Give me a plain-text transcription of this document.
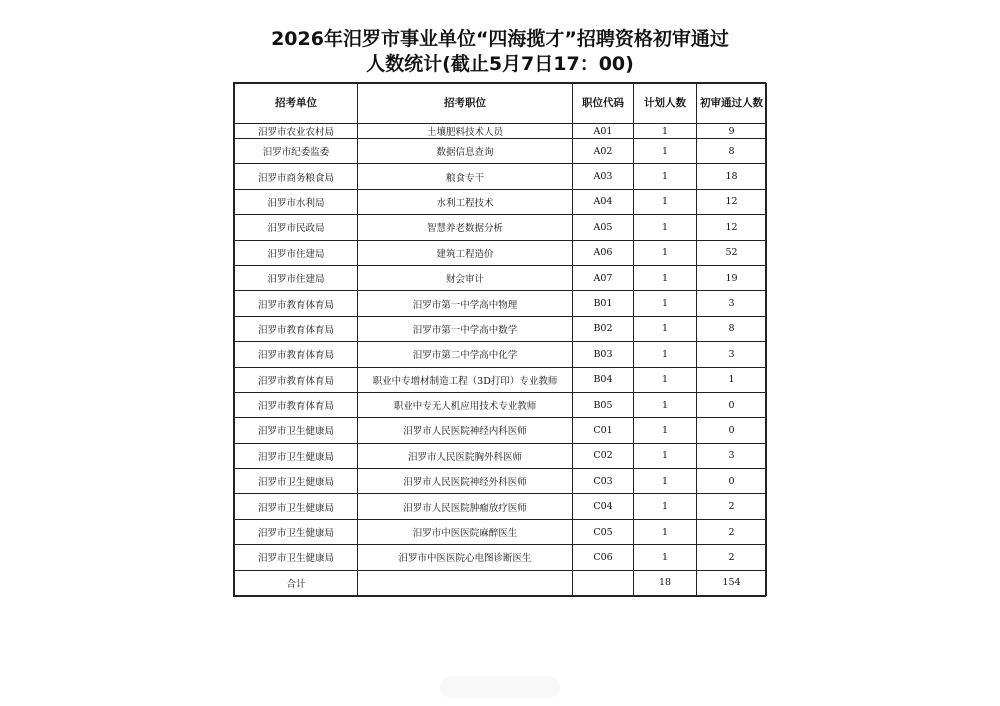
2026年汨罗市事业单位“四海揽才”招聘资格初审通过
人数统计(截止5月7日17：00)
招考单位	招考职位	职位代码	计划人数	初审通过人数
汨罗市农业农村局	土壤肥料技术人员	A01	1	9
汨罗市纪委监委	数据信息查询	A02	1	8
汨罗市商务粮食局	粮食专干	A03	1	18
汨罗市水利局	水利工程技术	A04	1	12
汨罗市民政局	智慧养老数据分析	A05	1	12
汨罗市住建局	建筑工程造价	A06	1	52
汨罗市住建局	财会审计	A07	1	19
汨罗市教育体育局	汨罗市第一中学高中物理	B01	1	3
汨罗市教育体育局	汨罗市第一中学高中数学	B02	1	8
汨罗市教育体育局	汨罗市第二中学高中化学	B03	1	3
汨罗市教育体育局	职业中专增材制造工程（3D打印）专业教师	B04	1	1
汨罗市教育体育局	职业中专无人机应用技术专业教师	B05	1	0
汨罗市卫生健康局	汨罗市人民医院神经内科医师	C01	1	0
汨罗市卫生健康局	汨罗市人民医院胸外科医师	C02	1	3
汨罗市卫生健康局	汨罗市人民医院神经外科医师	C03	1	0
汨罗市卫生健康局	汨罗市人民医院肿瘤放疗医师	C04	1	2
汨罗市卫生健康局	汨罗市中医医院麻醉医生	C05	1	2
汨罗市卫生健康局	汨罗市中医医院心电图诊断医生	C06	1	2
合计			18	154
